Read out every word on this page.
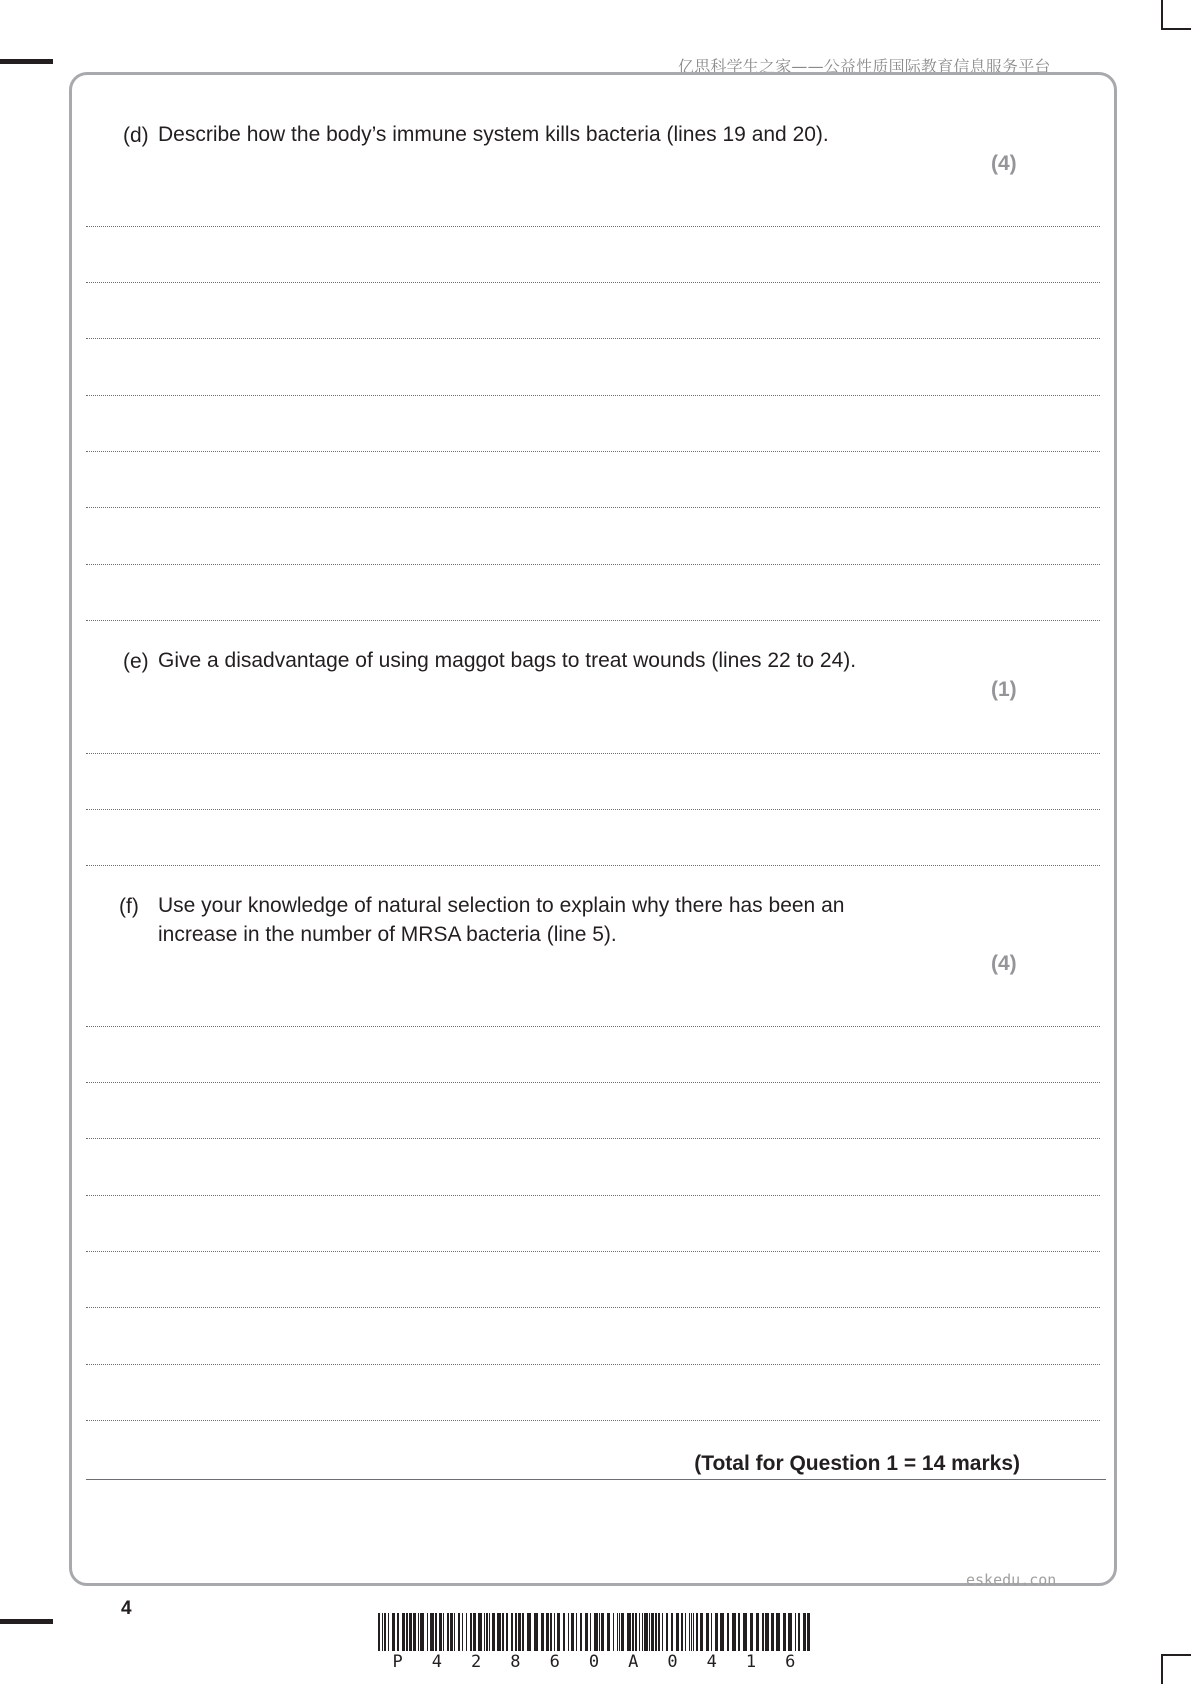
亿思科学生之家——公益性质国际教育信息服务平台
(d) Describe how the body’s immune system kills bacteria (lines 19 and 20).
(4)
(e) Give a disadvantage of using maggot bags to treat wounds (lines 22 to 24).
(1)
(f) Use your knowledge of natural selection to explain why there has been an
increase in the number of MRSA bacteria (line 5).
(4)
(Total for Question 1 = 14 marks)
eskedu.con
4
P 4 2 8 6 0 A 0 4 1 6
